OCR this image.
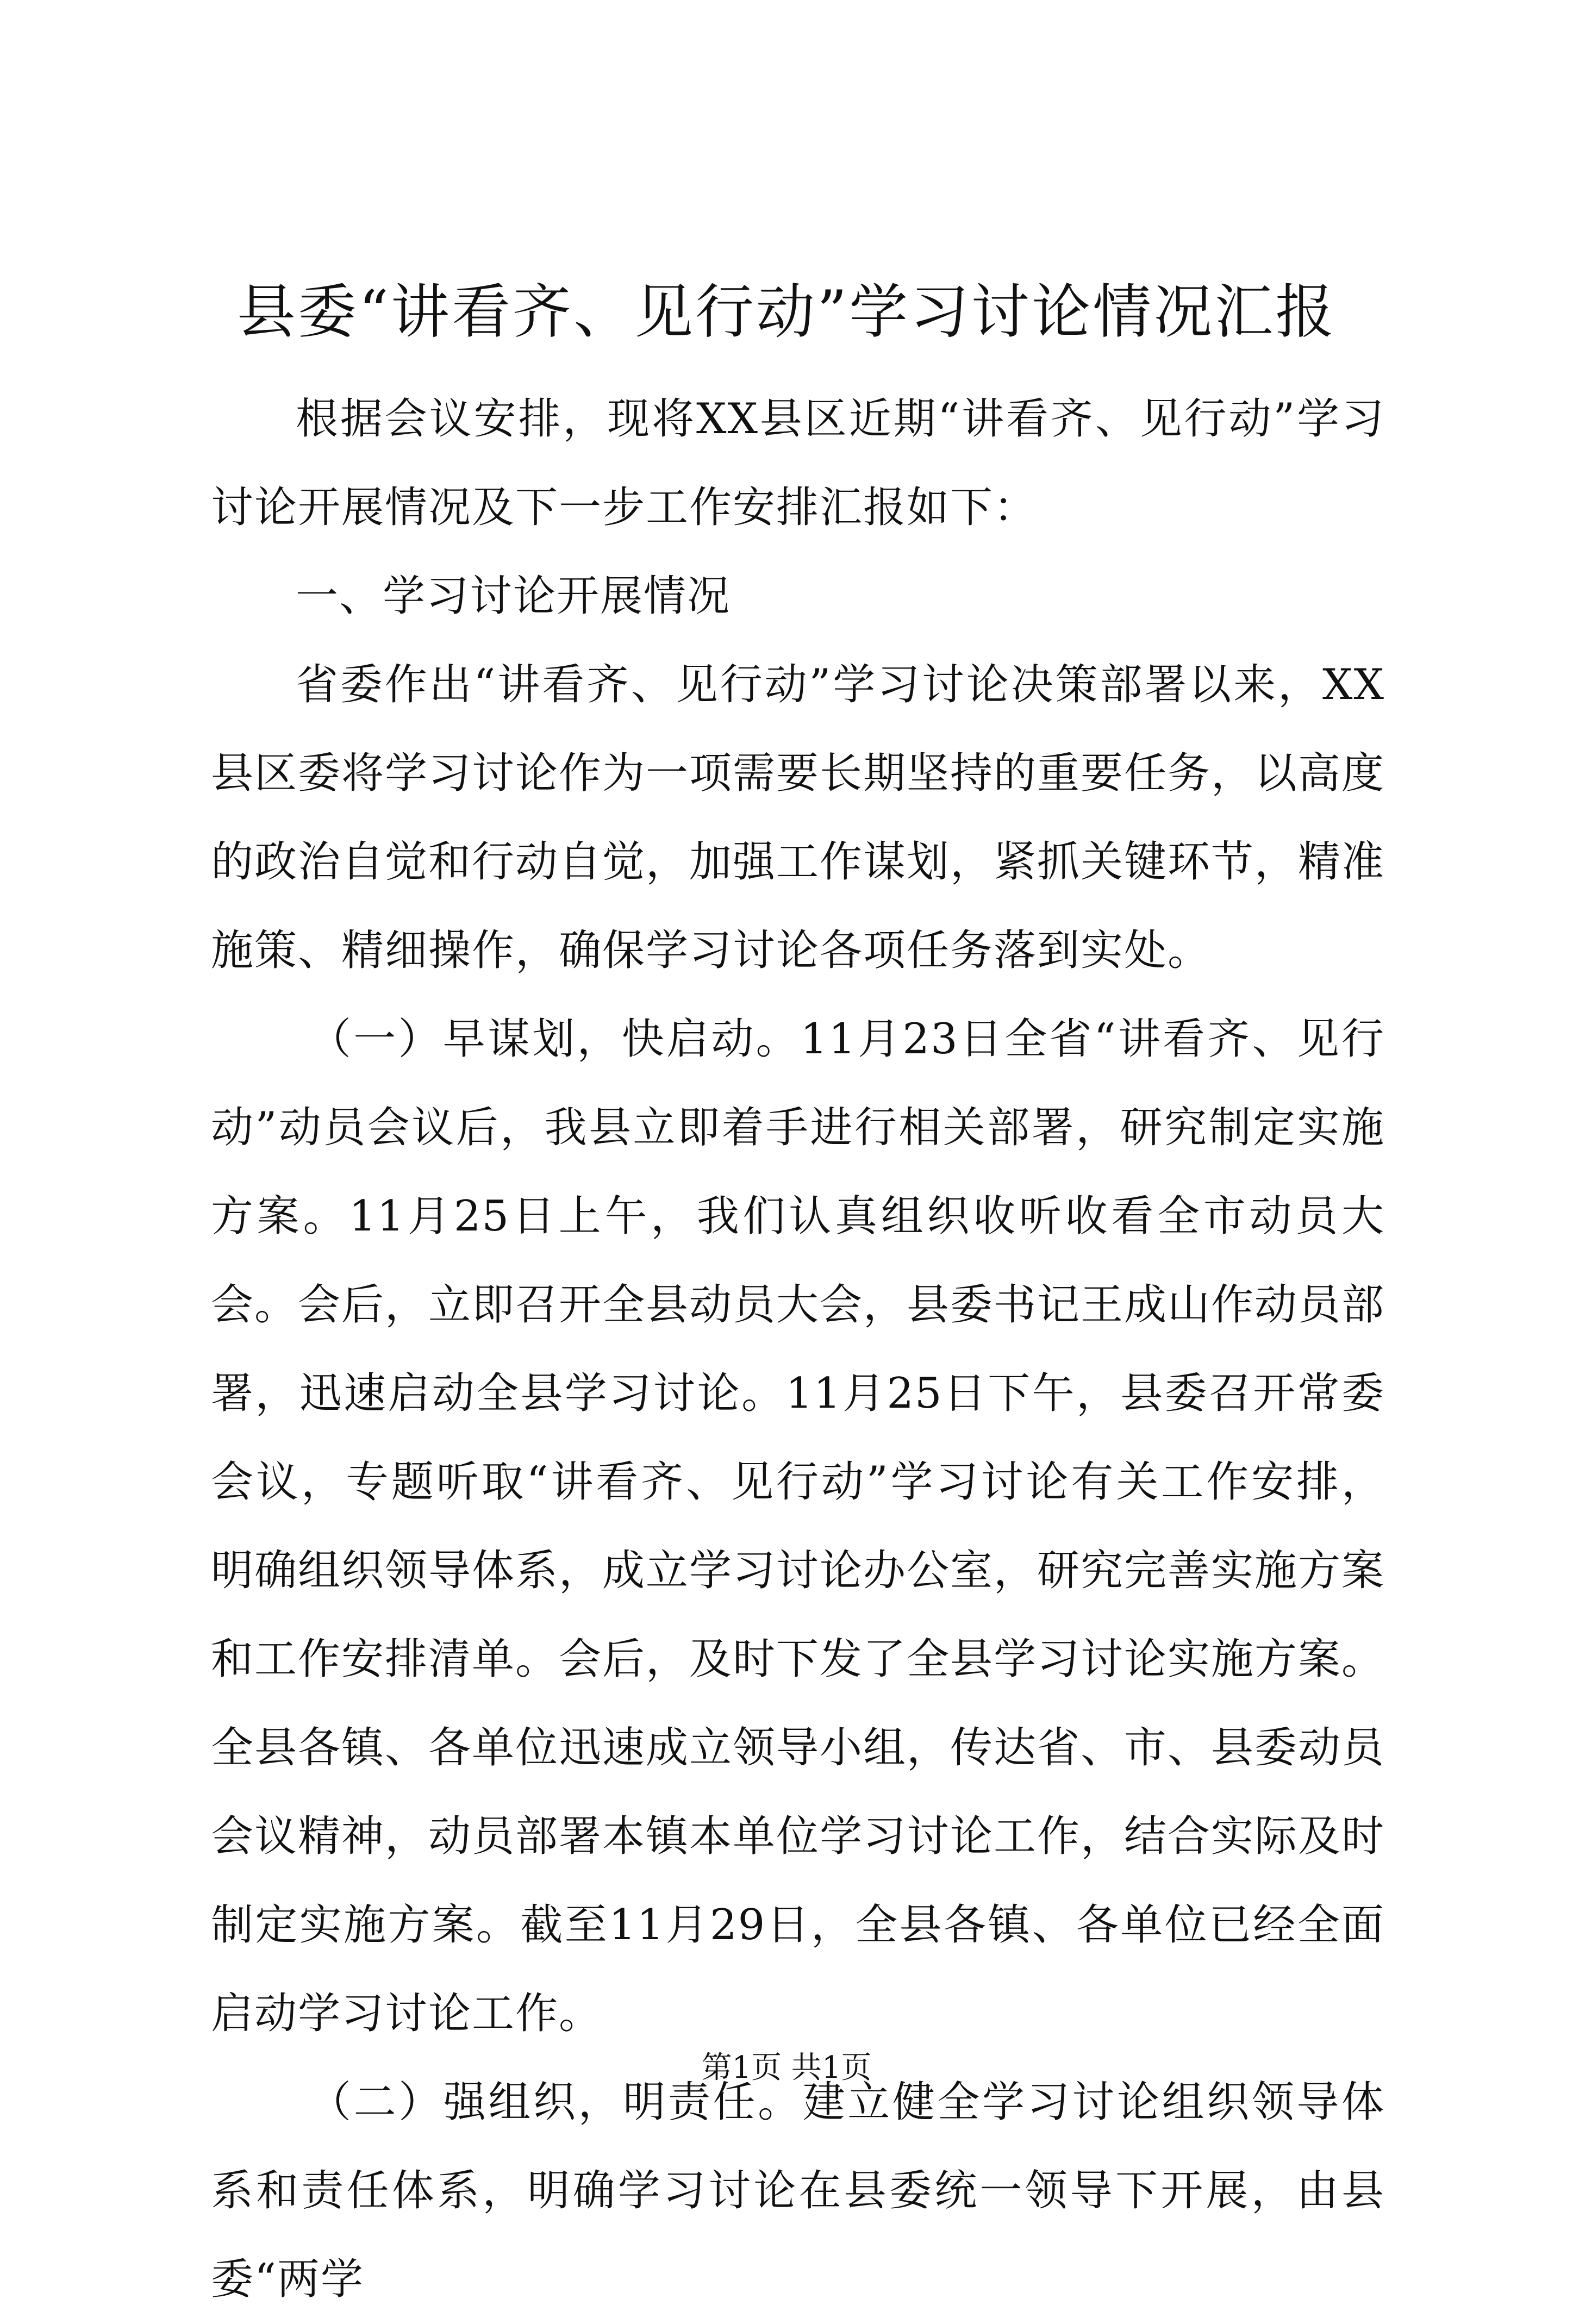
县委“讲看齐、见行动”学习讨论情况汇报

根据会议安排，现将XX县区近期“讲看齐、见行动”学习讨论开展情况及下一步工作安排汇报如下：

一、学习讨论开展情况

省委作出“讲看齐、见行动”学习讨论决策部署以来，XX县区委将学习讨论作为一项需要长期坚持的重要任务，以高度的政治自觉和行动自觉，加强工作谋划，紧抓关键环节，精准施策、精细操作，确保学习讨论各项任务落到实处。

（一）早谋划，快启动。11月23日全省“讲看齐、见行动”动员会议后，我县立即着手进行相关部署，研究制定实施方案。11月25日上午，我们认真组织收听收看全市动员大会。会后，立即召开全县动员大会，县委书记王成山作动员部署，迅速启动全县学习讨论。11月25日下午，县委召开常委会议，专题听取“讲看齐、见行动”学习讨论有关工作安排，明确组织领导体系，成立学习讨论办公室，研究完善实施方案和工作安排清单。会后，及时下发了全县学习讨论实施方案。全县各镇、各单位迅速成立领导小组，传达省、市、县委动员会议精神，动员部署本镇本单位学习讨论工作，结合实际及时制定实施方案。截至11月29日，全县各镇、各单位已经全面启动学习讨论工作。

（二）强组织，明责任。建立健全学习讨论组织领导体系和责任体系，明确学习讨论在县委统一领导下开展，由县委“两学

第1页 共1页
